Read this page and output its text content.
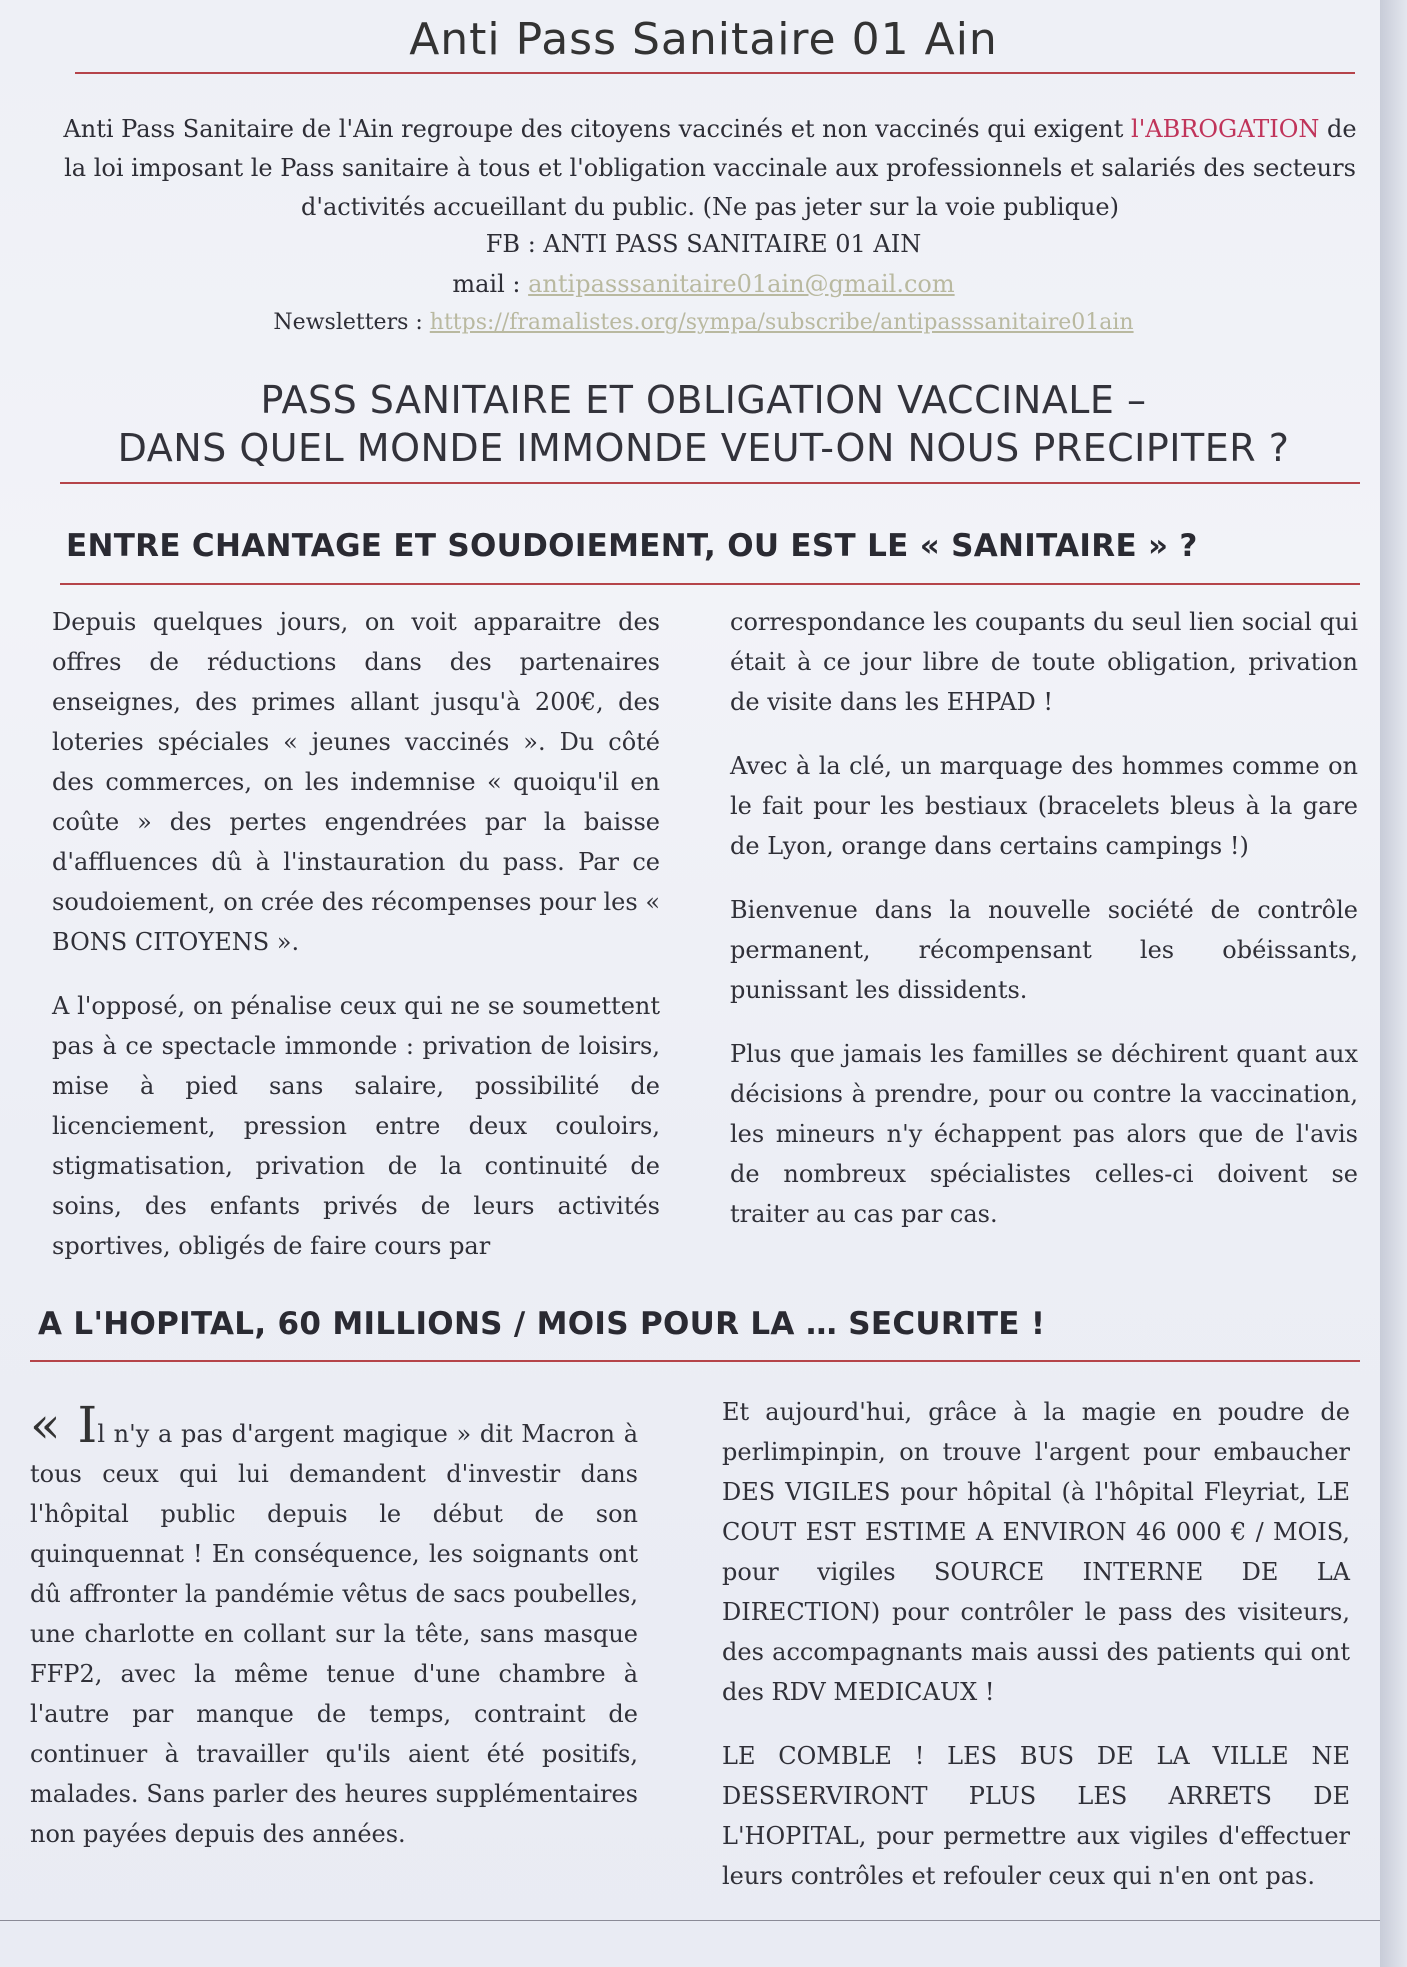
Anti Pass Sanitaire 01 Ain
Anti Pass Sanitaire de l'Ain regroupe des citoyens vaccinés et non vaccinés qui exigent l'ABROGATION de la loi imposant le Pass sanitaire à tous et l'obligation vaccinale aux professionnels et salariés des secteurs d'activités accueillant du public. (Ne pas jeter sur la voie publique)
FB : ANTI PASS SANITAIRE 01 AIN
mail : antipasssanitaire01ain@gmail.com
Newsletters : https://framalistes.org/sympa/subscribe/antipasssanitaire01ain
PASS SANITAIRE ET OBLIGATION VACCINALE –
DANS QUEL MONDE IMMONDE VEUT-ON NOUS PRECIPITER ?
ENTRE CHANTAGE ET SOUDOIEMENT, OU EST LE « SANITAIRE » ?

Depuis quelques jours, on voit apparaitre des offres de réductions dans des partenaires enseignes, des primes allant jusqu'à 200€, des loteries spéciales « jeunes vaccinés ». Du côté des commerces, on les indemnise « quoiqu'il en coûte » des pertes engendrées par la baisse d'affluences dû à l'instauration du pass. Par ce soudoiement, on crée des récompenses pour les « BONS CITOYENS ».

A l'opposé, on pénalise ceux qui ne se soumettent pas à ce spectacle immonde : privation de loisirs, mise à pied sans salaire, possibilité de licenciement, pression entre deux couloirs, stigmatisation, privation de la continuité de soins, des enfants privés de leurs activités sportives, obligés de faire cours par

correspondance les coupants du seul lien social qui était à ce jour libre de toute obligation, privation de visite dans les EHPAD !

Avec à la clé, un marquage des hommes comme on le fait pour les bestiaux (bracelets bleus à la gare de Lyon, orange dans certains campings !)

Bienvenue dans la nouvelle société de contrôle permanent, récompensant les obéissants, punissant les dissidents.

Plus que jamais les familles se déchirent quant aux décisions à prendre, pour ou contre la vaccination, les mineurs n'y échappent pas alors que de l'avis de nombreux spécialistes celles-ci doivent se traiter au cas par cas.

A L'HOPITAL, 60 MILLIONS / MOIS POUR LA … SECURITE !

« Il n'y a pas d'argent magique » dit Macron à tous ceux qui lui demandent d'investir dans l'hôpital public depuis le début de son quinquennat ! En conséquence, les soignants ont dû affronter la pandémie vêtus de sacs poubelles, une charlotte en collant sur la tête, sans masque FFP2, avec la même tenue d'une chambre à l'autre par manque de temps, contraint de continuer à travailler qu'ils aient été positifs, malades. Sans parler des heures supplémentaires non payées depuis des années.

Et aujourd'hui, grâce à la magie en poudre de perlimpinpin, on trouve l'argent pour embaucher DES VIGILES pour hôpital (à l'hôpital Fleyriat, LE COUT EST ESTIME A ENVIRON 46 000 € / MOIS, pour vigiles SOURCE INTERNE DE LA DIRECTION) pour contrôler le pass des visiteurs, des accompagnants mais aussi des patients qui ont des RDV MEDICAUX !

LE COMBLE ! LES BUS DE LA VILLE NE DESSERVIRONT PLUS LES ARRETS DE L'HOPITAL, pour permettre aux vigiles d'effectuer leurs contrôles et refouler ceux qui n'en ont pas.
